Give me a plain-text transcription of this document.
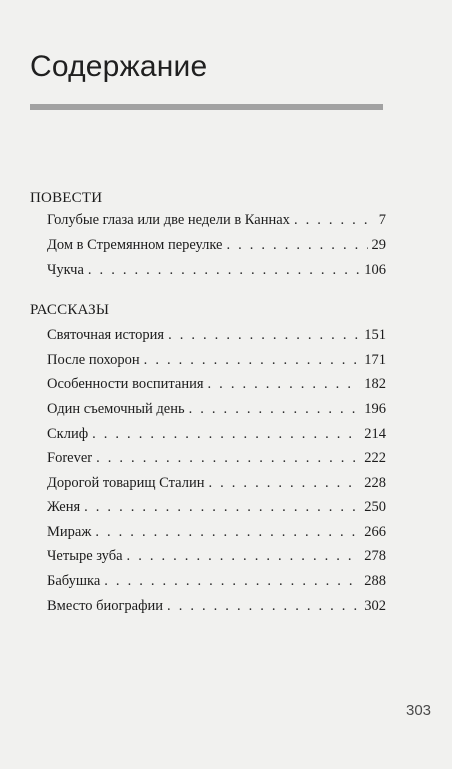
Содержание
ПОВЕСТИ
Голубые глаза или две недели в Каннах . . .	7
Дом в Стремянном переулке . . .	29
Чукча . . .	106
РАССКАЗЫ
Святочная история . . .	151
После похорон . . .	171
Особенности воспитания . . .	182
Один съемочный день . . .	196
Склиф . . .	214
Forever . . .	222
Дорогой товарищ Сталин . . .	228
Женя . . .	250
Мираж . . .	266
Четыре зуба . . .	278
Бабушка . . .	288
Вместо биографии . . .	302
303
